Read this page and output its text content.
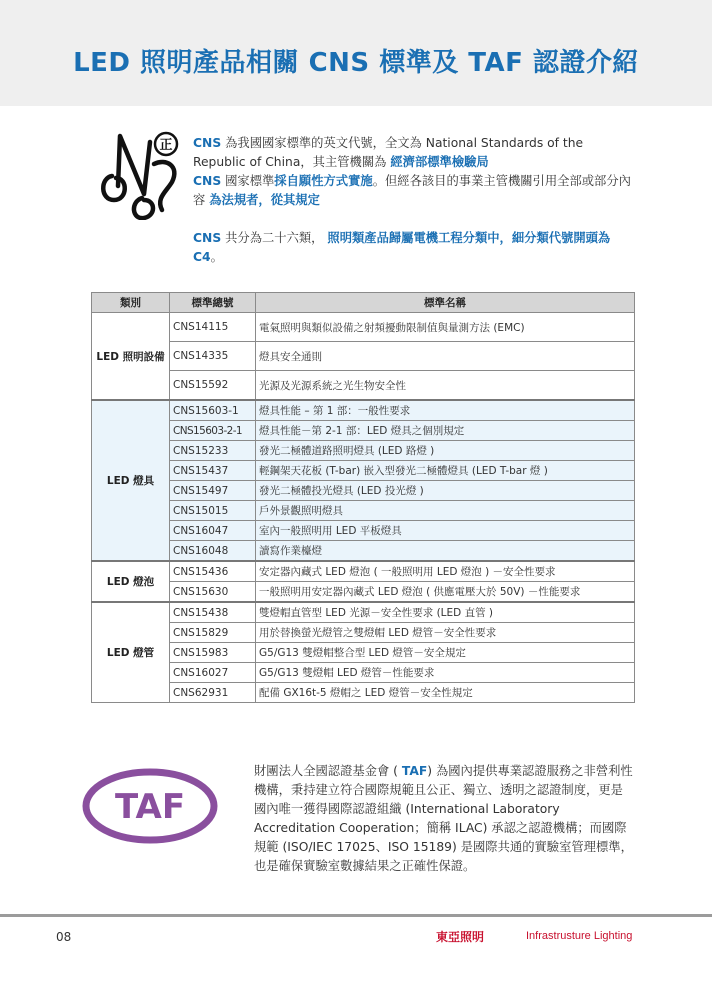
LED 照明產品相關 CNS 標準及 TAF 認證介紹
正 CNS 為我國國家標準的英文代號，全文為 National Standards of the Republic of China，其主管機關為 經濟部標準檢驗局

CNS 國家標準採自願性方式實施。但經各該目的事業主管機關引用全部或部分內容 為法規者，從其規定

CNS 共分為二十六類， 照明類產品歸屬電機工程分類中，細分類代號開頭為 C4。

類別	標準總號	標準名稱
LED 照明設備	CNS14115	電氣照明與類似設備之射頻擾動限制值與量測方法 (EMC)
	CNS14335	燈具安全通則
	CNS15592	光源及光源系統之光生物安全性
LED 燈具	CNS15603-1	燈具性能 – 第 1 部：一般性要求
	CNS15603-2-1	燈具性能－第 2-1 部：LED 燈具之個別規定
	CNS15233	發光二極體道路照明燈具 (LED 路燈 )
	CNS15437	輕鋼架天花板 (T-bar) 嵌入型發光二極體燈具 (LED T-bar 燈 )
	CNS15497	發光二極體投光燈具 (LED 投光燈 )
	CNS15015	戶外景觀照明燈具
	CNS16047	室內一般照明用 LED 平板燈具
	CNS16048	讀寫作業檯燈
LED 燈泡	CNS15436	安定器內藏式 LED 燈泡 ( 一般照明用 LED 燈泡 ) －安全性要求
	CNS15630	一般照明用安定器內藏式 LED 燈泡 ( 供應電壓大於 50V) －性能要求
LED 燈管	CNS15438	雙燈帽直管型 LED 光源－安全性要求 (LED 直管 )
	CNS15829	用於替換螢光燈管之雙燈帽 LED 燈管－安全性要求
	CNS15983	G5/G13 雙燈帽整合型 LED 燈管－安全規定
	CNS16027	G5/G13 雙燈帽 LED 燈管－性能要求
	CNS62931	配備 GX16t-5 燈帽之 LED 燈管－安全性規定
TAF

財團法人全國認證基金會 ( TAF) 為國內提供專業認證服務之非營利性機構，秉持建立符合國際規範且公正、獨立、透明之認證制度，更是國內唯一獲得國際認證組織 (International Laboratory Accreditation Cooperation；簡稱 ILAC) 承認之認證機構；而國際規範 (ISO/IEC 17025、ISO 15189) 是國際共通的實驗室管理標準，也是確保實驗室數據結果之正確性保證。

08	東亞照明	Infrastrusture Lighting
